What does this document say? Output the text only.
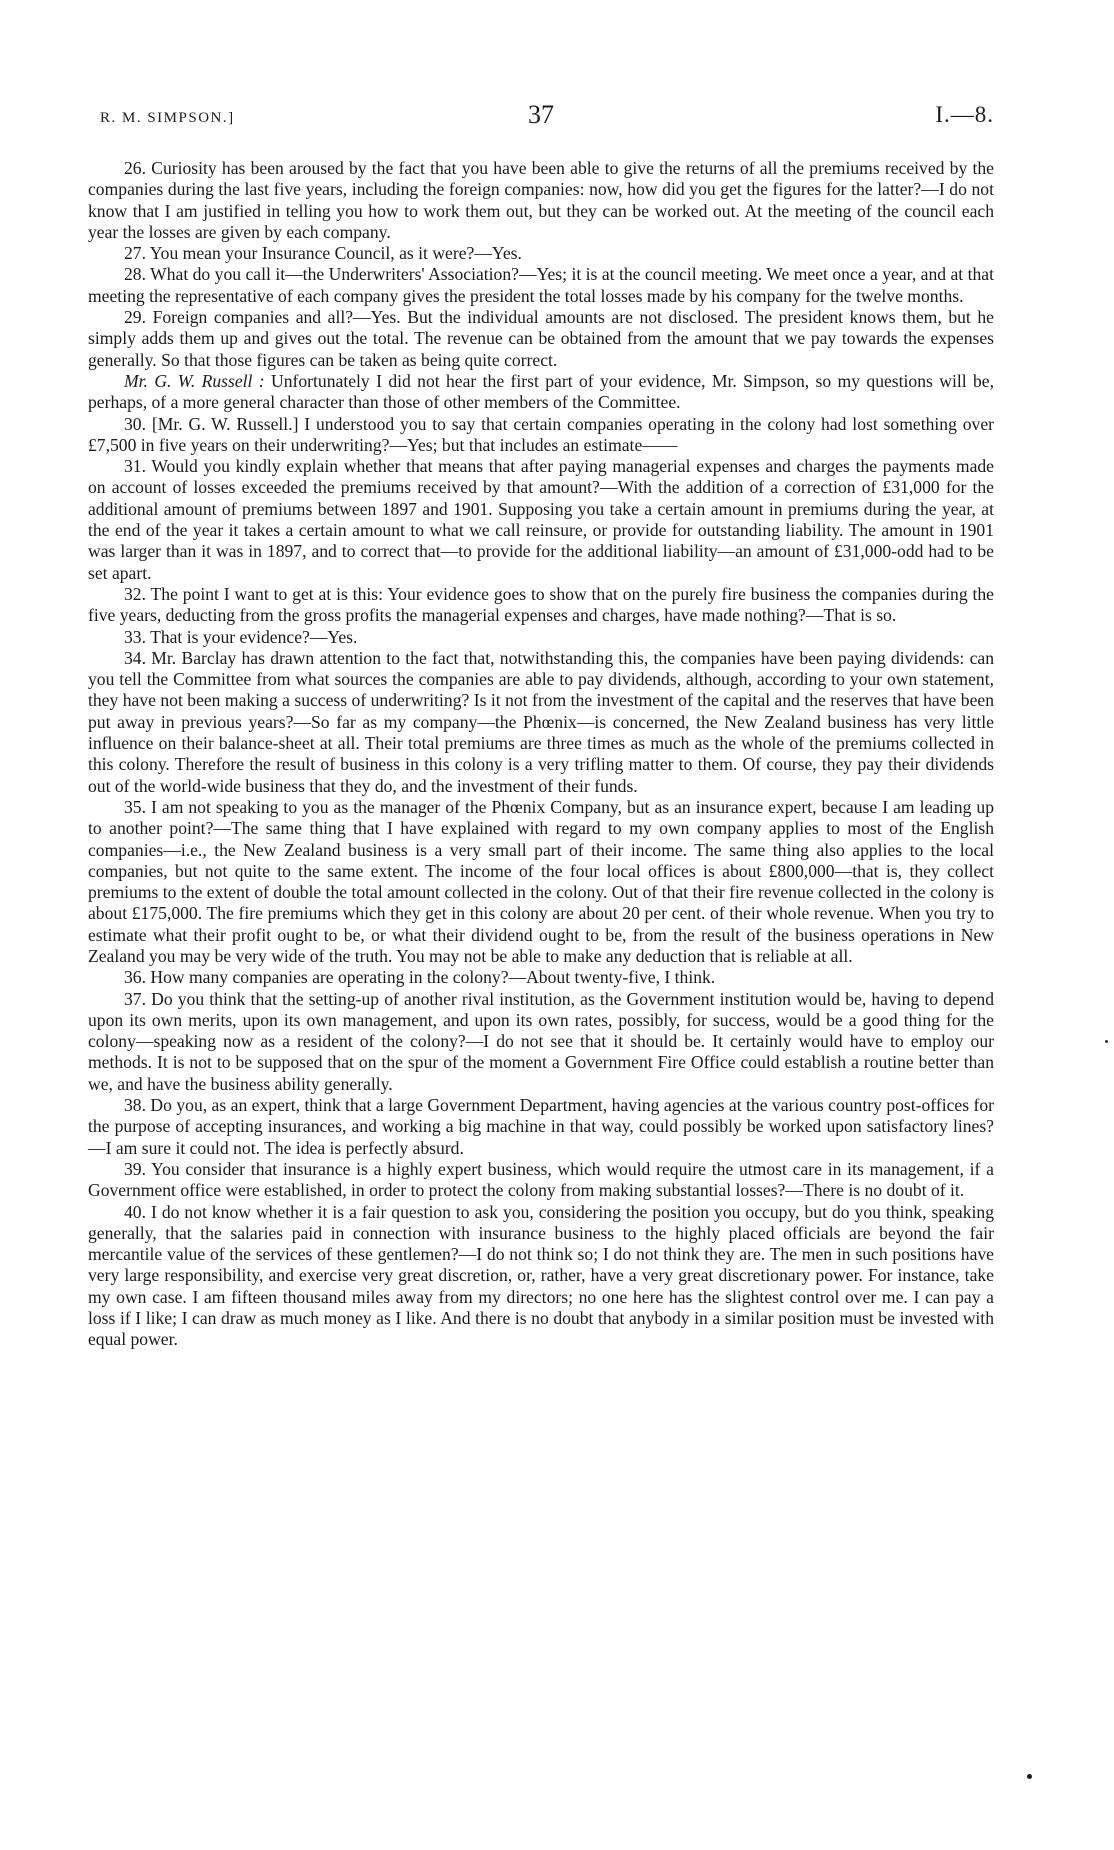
R. M. SIMPSON.]	37	I.—8.

26. Curiosity has been aroused by the fact that you have been able to give the returns of all the premiums received by the companies during the last five years, including the foreign companies: now, how did you get the figures for the latter?—I do not know that I am justified in telling you how to work them out, but they can be worked out. At the meeting of the council each year the losses are given by each company.

27. You mean your Insurance Council, as it were?—Yes.

28. What do you call it—the Underwriters' Association?—Yes; it is at the council meeting. We meet once a year, and at that meeting the representative of each company gives the president the total losses made by his company for the twelve months.

29. Foreign companies and all?—Yes. But the individual amounts are not disclosed. The president knows them, but he simply adds them up and gives out the total. The revenue can be obtained from the amount that we pay towards the expenses generally. So that those figures can be taken as being quite correct.

Mr. G. W. Russell : Unfortunately I did not hear the first part of your evidence, Mr. Simpson, so my questions will be, perhaps, of a more general character than those of other members of the Committee.

30. [Mr. G. W. Russell.] I understood you to say that certain companies operating in the colony had lost something over £7,500 in five years on their underwriting?—Yes; but that includes an estimate——

31. Would you kindly explain whether that means that after paying managerial expenses and charges the payments made on account of losses exceeded the premiums received by that amount?—With the addition of a correction of £31,000 for the additional amount of premiums between 1897 and 1901. Supposing you take a certain amount in premiums during the year, at the end of the year it takes a certain amount to what we call reinsure, or provide for outstanding liability. The amount in 1901 was larger than it was in 1897, and to correct that—to provide for the additional liability—an amount of £31,000-odd had to be set apart.

32. The point I want to get at is this: Your evidence goes to show that on the purely fire business the companies during the five years, deducting from the gross profits the managerial expenses and charges, have made nothing?—That is so.

33. That is your evidence?—Yes.

34. Mr. Barclay has drawn attention to the fact that, notwithstanding this, the companies have been paying dividends: can you tell the Committee from what sources the companies are able to pay dividends, although, according to your own statement, they have not been making a success of underwriting? Is it not from the investment of the capital and the reserves that have been put away in previous years?—So far as my company—the Phœnix—is concerned, the New Zealand business has very little influence on their balance-sheet at all. Their total premiums are three times as much as the whole of the premiums collected in this colony. Therefore the result of business in this colony is a very trifling matter to them. Of course, they pay their dividends out of the world-wide business that they do, and the investment of their funds.

35. I am not speaking to you as the manager of the Phœnix Company, but as an insurance expert, because I am leading up to another point?—The same thing that I have explained with regard to my own company applies to most of the English companies—i.e., the New Zealand business is a very small part of their income. The same thing also applies to the local companies, but not quite to the same extent. The income of the four local offices is about £800,000—that is, they collect premiums to the extent of double the total amount collected in the colony. Out of that their fire revenue collected in the colony is about £175,000. The fire premiums which they get in this colony are about 20 per cent. of their whole revenue. When you try to estimate what their profit ought to be, or what their dividend ought to be, from the result of the business operations in New Zealand you may be very wide of the truth. You may not be able to make any deduction that is reliable at all.

36. How many companies are operating in the colony?—About twenty-five, I think.

37. Do you think that the setting-up of another rival institution, as the Government institution would be, having to depend upon its own merits, upon its own management, and upon its own rates, possibly, for success, would be a good thing for the colony—speaking now as a resident of the colony?—I do not see that it should be. It certainly would have to employ our methods. It is not to be supposed that on the spur of the moment a Government Fire Office could establish a routine better than we, and have the business ability generally.

38. Do you, as an expert, think that a large Government Department, having agencies at the various country post-offices for the purpose of accepting insurances, and working a big machine in that way, could possibly be worked upon satisfactory lines?—I am sure it could not. The idea is perfectly absurd.

39. You consider that insurance is a highly expert business, which would require the utmost care in its management, if a Government office were established, in order to protect the colony from making substantial losses?—There is no doubt of it.

40. I do not know whether it is a fair question to ask you, considering the position you occupy, but do you think, speaking generally, that the salaries paid in connection with insurance business to the highly placed officials are beyond the fair mercantile value of the services of these gentlemen?—I do not think so; I do not think they are. The men in such positions have very large responsibility, and exercise very great discretion, or, rather, have a very great discretionary power. For instance, take my own case. I am fifteen thousand miles away from my directors; no one here has the slightest control over me. I can pay a loss if I like; I can draw as much money as I like. And there is no doubt that anybody in a similar position must be invested with equal power.
